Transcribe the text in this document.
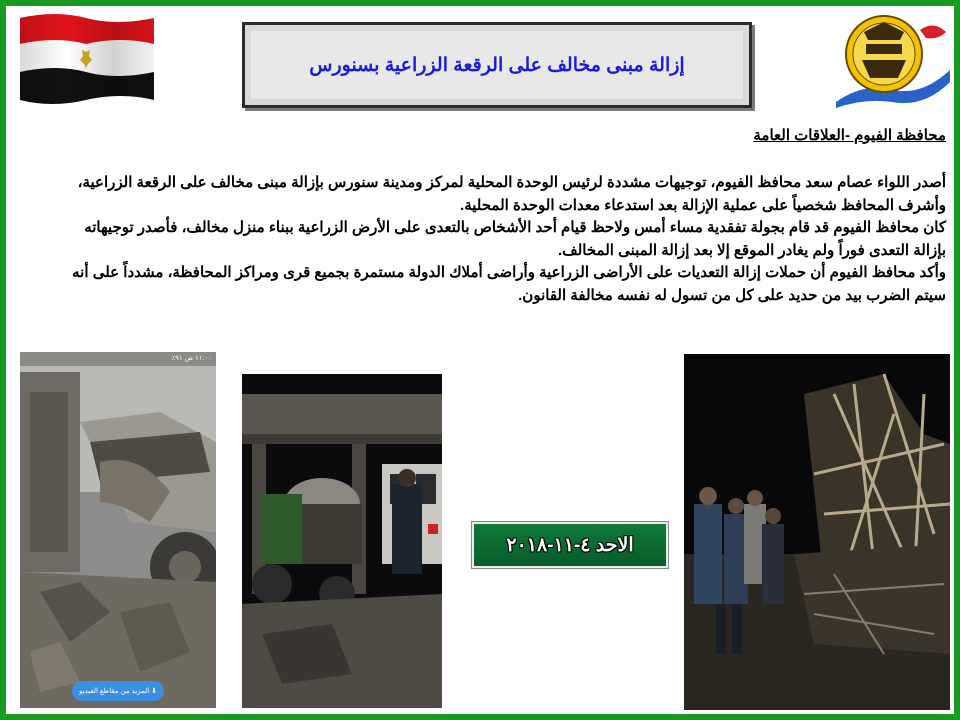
إزالة مبنى مخالف على الرقعة الزراعية بسنورس
محافظة الفيوم -العلاقات العامة

أصدر اللواء عصام سعد محافظ الفيوم، توجيهات مشددة لرئيس الوحدة المحلية لمركز ومدينة سنورس بإزالة مبنى مخالف على الرقعة الزراعية، وأشرف المحافظ شخصياً على عملية الإزالة بعد استدعاء معدات الوحدة المحلية.

كان محافظ الفيوم قد قام بجولة تفقدية مساء أمس ولاحظ قيام أحد الأشخاص بالتعدى على الأرض الزراعية ببناء منزل مخالف، فأصدر توجيهاته بإزالة التعدى فوراً ولم يغادر الموقع إلا بعد إزالة المبنى المخالف.

وأكد محافظ الفيوم أن حملات إزالة التعديات على الأراضى الزراعية وأراضى أملاك الدولة مستمرة بجميع قرى ومراكز المحافظة، مشدداً على أنه سيتم الضرب بيد من حديد على كل من تسول له نفسه مخالفة القانون.

١١:٠٠ ص ٩١٪
⬇ المزيد من مقاطع الفيديو
الاحد ٤-١١-٢٠١٨
